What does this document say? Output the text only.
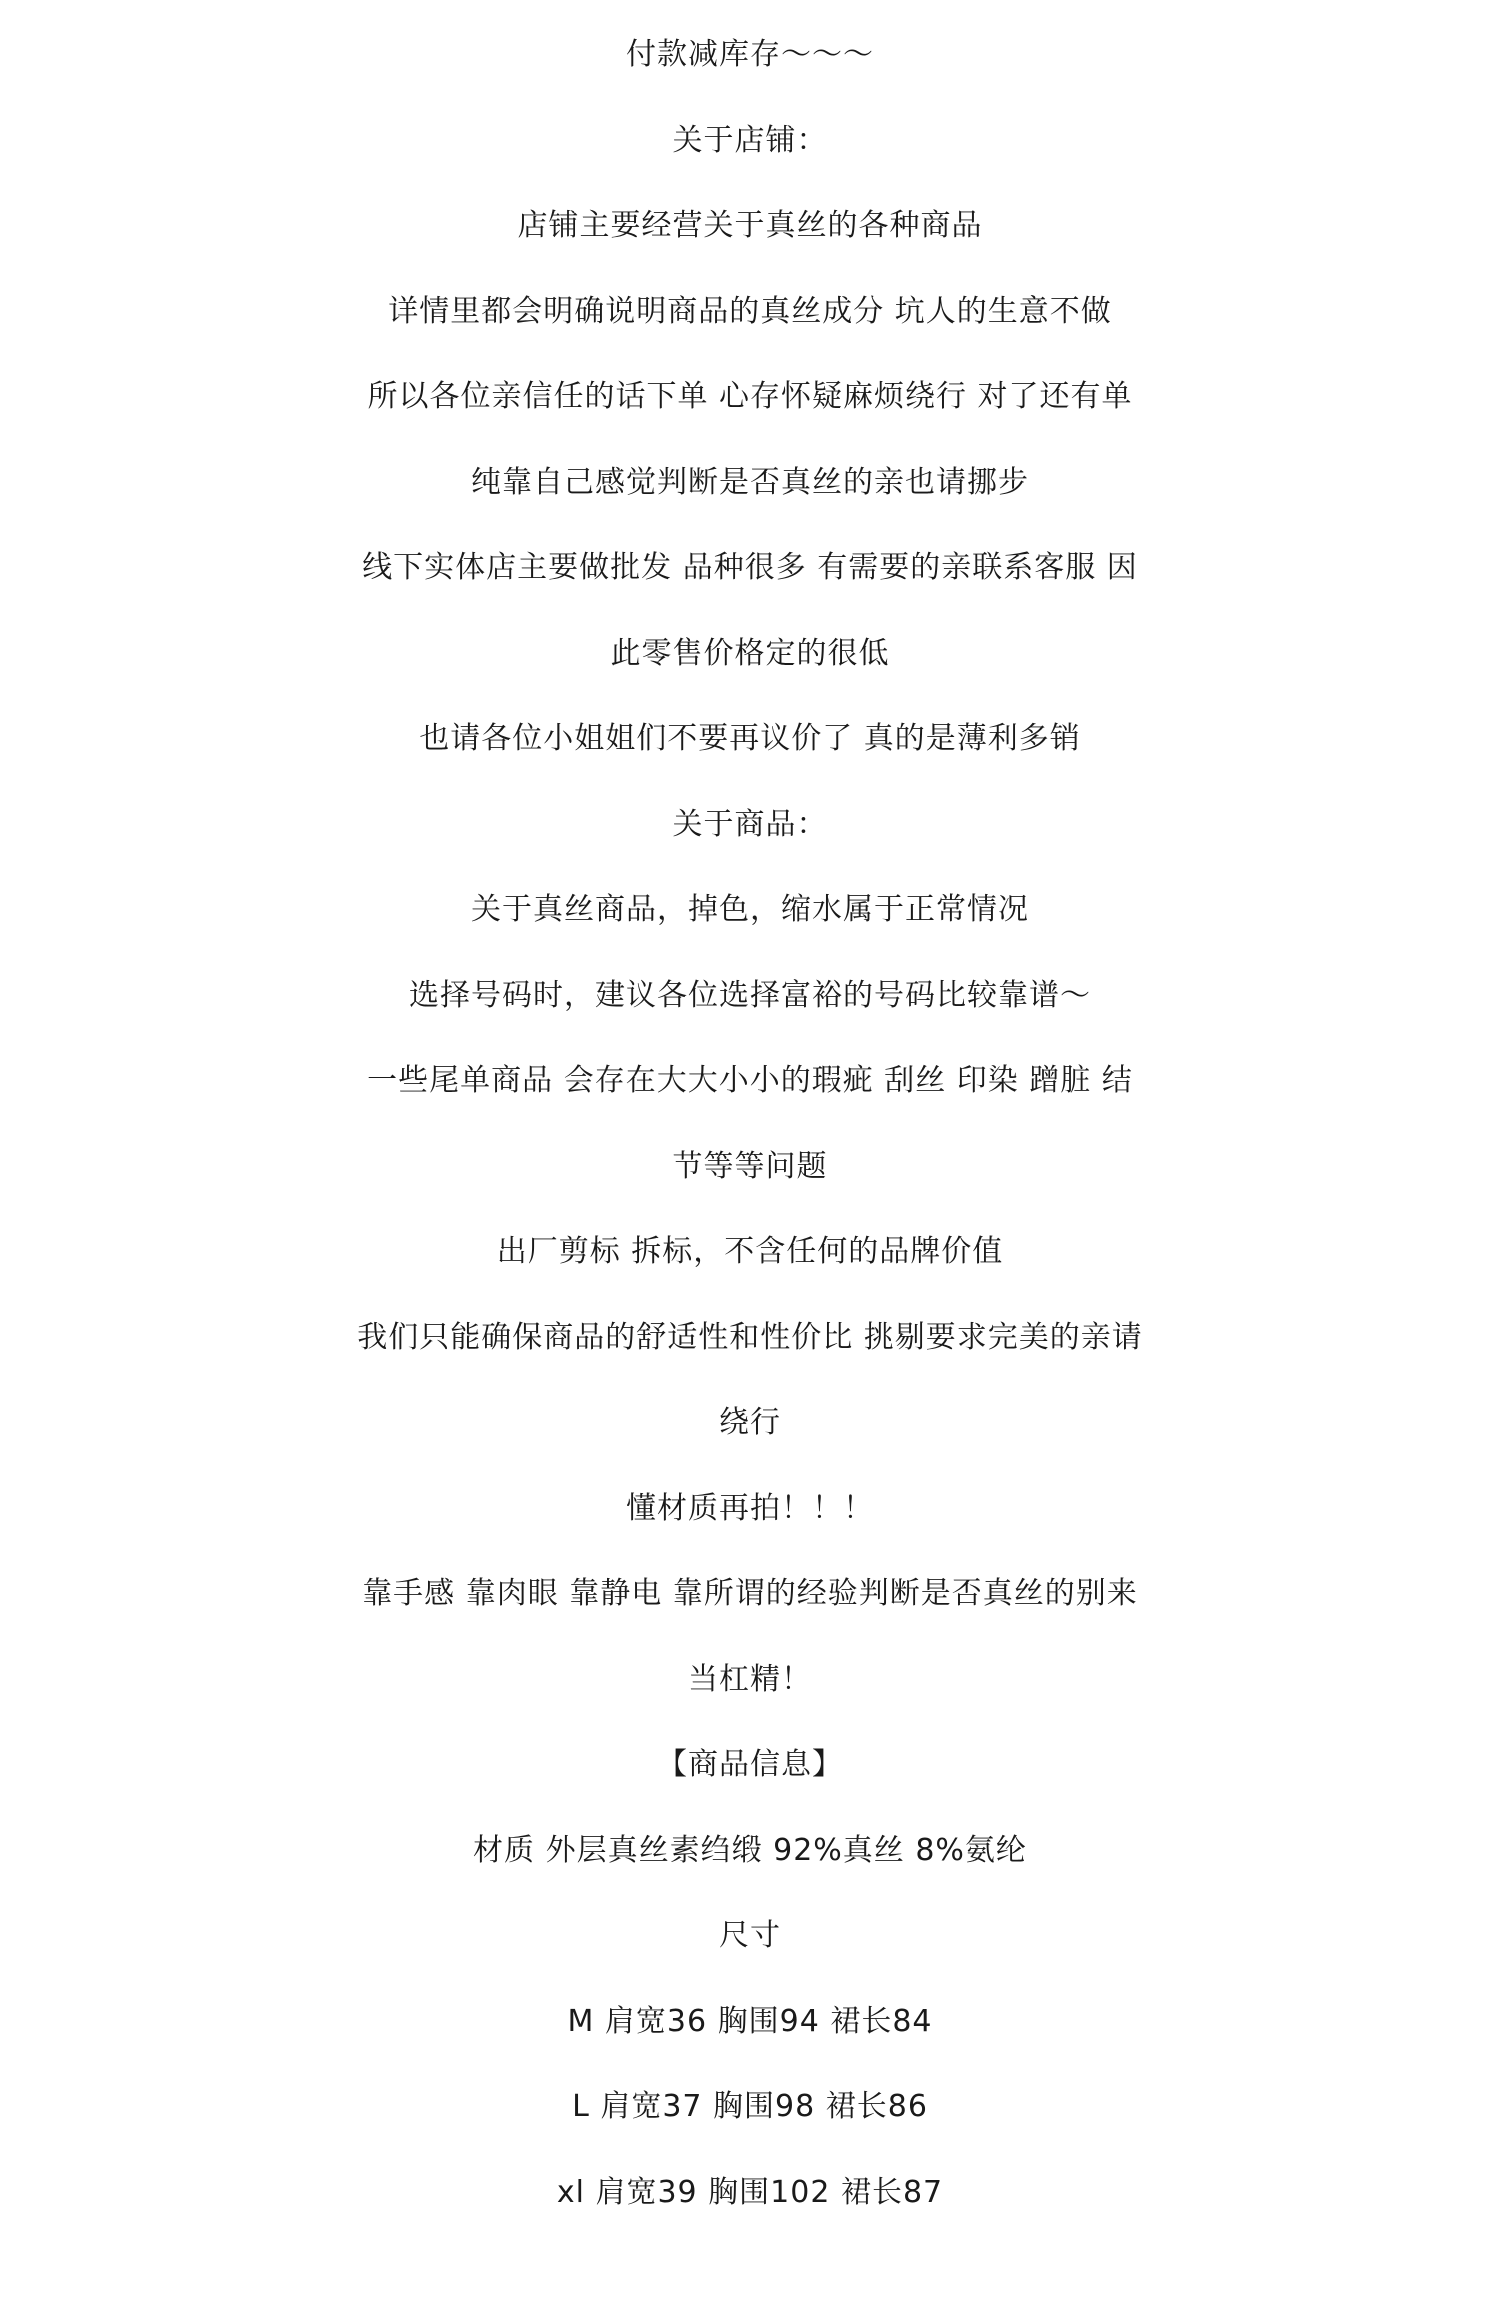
付款减库存～～～
关于店铺：
店铺主要经营关于真丝的各种商品
详情里都会明确说明商品的真丝成分 坑人的生意不做
所以各位亲信任的话下单 心存怀疑麻烦绕行 对了还有单
纯靠自己感觉判断是否真丝的亲也请挪步
线下实体店主要做批发 品种很多 有需要的亲联系客服 因
此零售价格定的很低
也请各位小姐姐们不要再议价了 真的是薄利多销
关于商品：
关于真丝商品，掉色，缩水属于正常情况
选择号码时，建议各位选择富裕的号码比较靠谱～
一些尾单商品 会存在大大小小的瑕疵 刮丝 印染 蹭脏 结
节等等问题
出厂剪标 拆标，不含任何的品牌价值
我们只能确保商品的舒适性和性价比 挑剔要求完美的亲请
绕行
懂材质再拍！！！
靠手感 靠肉眼 靠静电 靠所谓的经验判断是否真丝的别来
当杠精！
【商品信息】
材质 外层真丝素绉缎 92%真丝 8%氨纶
尺寸
M 肩宽36 胸围94 裙长84
L 肩宽37 胸围98 裙长86
xl 肩宽39 胸围102 裙长87
